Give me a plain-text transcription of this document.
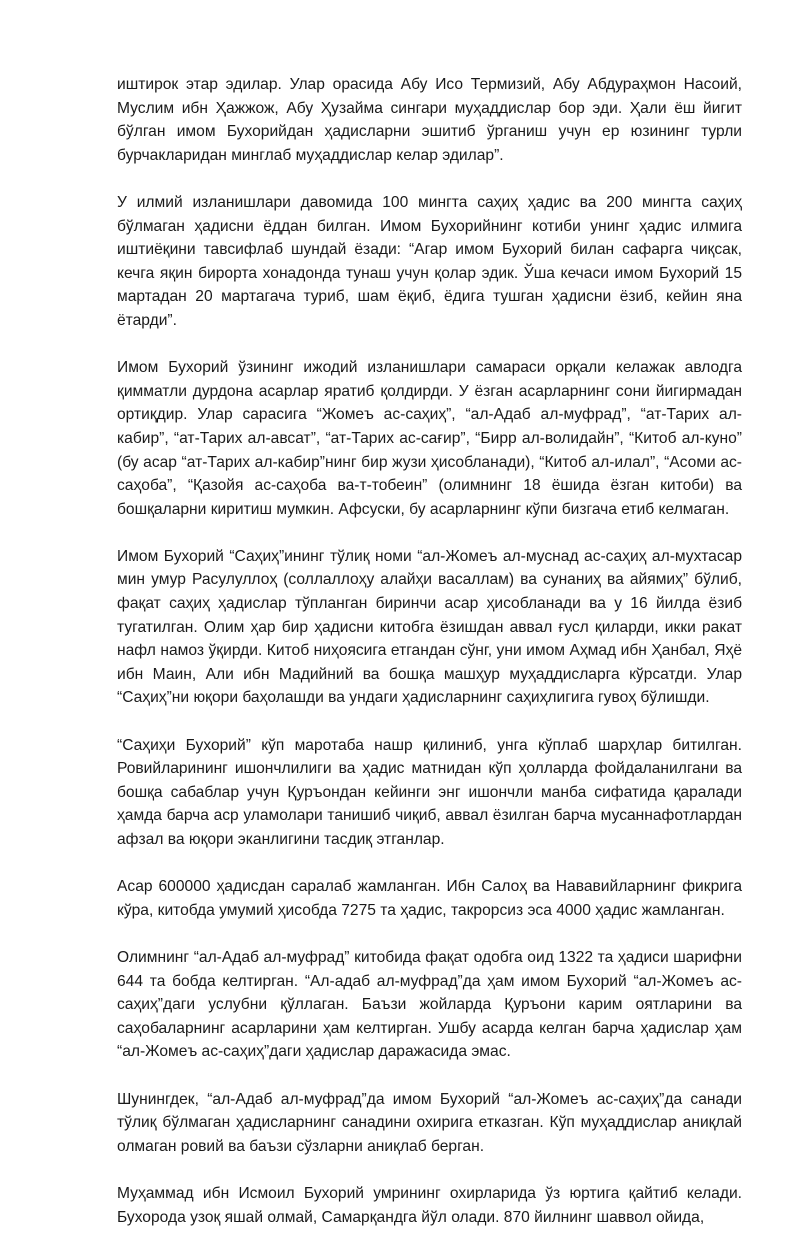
иштирок этар эдилар. Улар орасида Абу Исо Термизий, Абу Абдураҳмон Насоий, Муслим ибн Ҳажжож, Абу Ҳузайма сингари муҳаддислар бор эди. Ҳали ёш йигит бўлган имом Бухорийдан ҳадисларни эшитиб ўрганиш учун ер юзининг турли бурчакларидан минглаб муҳаддислар келар эдилар”.

У илмий изланишлари давомида 100 мингта саҳиҳ ҳадис ва 200 мингта саҳиҳ бўлмаган ҳадисни ёддан билган. Имом Бухорийнинг котиби унинг ҳадис илмига иштиёқини тавсифлаб шундай ёзади: “Агар имом Бухорий билан сафарга чиқсак, кечга яқин бирорта хонадонда тунаш учун қолар эдик. Ўша кечаси имом Бухорий 15 мартадан 20 мартагача туриб, шам ёқиб, ёдига тушган ҳадисни ёзиб, кейин яна ётарди”.

Имом Бухорий ўзининг ижодий изланишлари самараси орқали келажак авлодга қимматли дурдона асарлар яратиб қолдирди. У ёзган асарларнинг сони йигирмадан ортиқдир. Улар сарасига “Жомеъ ас-саҳиҳ”, “ал-Адаб ал-муфрад”, “ат-Тарих ал-кабир”, “ат-Тарих ал-авсат”, “ат-Тарих ас-сағир”, “Бирр ал-волидайн”, “Китоб ал-куно” (бу асар “ат-Тарих ал-кабир”нинг бир жузи ҳисобланади), “Китоб ал-илал”, “Асоми ас-саҳоба”, “Қазойя ас-саҳоба ва-т-тобеин” (олимнинг 18 ёшида ёзган китоби) ва бошқаларни киритиш мумкин. Афсуски, бу асарларнинг кўпи бизгача етиб келмаган.

Имом Бухорий “Саҳиҳ”ининг тўлиқ номи “ал-Жомеъ ал-муснад ас-саҳиҳ ал-мухтасар мин умур Расулуллоҳ (соллаллоҳу алайҳи васаллам) ва сунаниҳ ва айямиҳ” бўлиб, фақат саҳиҳ ҳадислар тўпланган биринчи асар ҳисобланади ва у 16 йилда ёзиб тугатилган. Олим ҳар бир ҳадисни китобга ёзишдан аввал ғусл қиларди, икки ракат нафл намоз ўқирди. Китоб ниҳоясига етгандан сўнг, уни имом Аҳмад ибн Ҳанбал, Яҳё ибн Маин, Али ибн Мадийний ва бошқа машҳур муҳаддисларга кўрсатди. Улар “Саҳиҳ”ни юқори баҳолашди ва ундаги ҳадисларнинг саҳиҳлигига гувоҳ бўлишди.

“Саҳиҳи Бухорий” кўп маротаба нашр қилиниб, унга кўплаб шарҳлар битилган. Ровийларининг ишончлилиги ва ҳадис матнидан кўп ҳолларда фойдаланилгани ва бошқа сабаблар учун Қуръондан кейинги энг ишончли манба сифатида қаралади ҳамда барча аср уламолари танишиб чиқиб, аввал ёзилган барча мусаннафотлардан афзал ва юқори эканлигини тасдиқ этганлар.

Асар 600000 ҳадисдан саралаб жамланган. Ибн Салоҳ ва Нававийларнинг фикрига кўра, китобда умумий ҳисобда 7275 та ҳадис, такрорсиз эса 4000 ҳадис жамланган.

Олимнинг “ал-Адаб ал-муфрад” китобида фақат одобга оид 1322 та ҳадиси шарифни 644 та бобда келтирган. “Ал-адаб ал-муфрад”да ҳам имом Бухорий “ал-Жомеъ ас-саҳиҳ”даги услубни қўллаган. Баъзи жойларда Қуръони карим оятларини ва саҳобаларнинг асарларини ҳам келтирган. Ушбу асарда келган барча ҳадислар ҳам “ал-Жомеъ ас-саҳиҳ”даги ҳадислар даражасида эмас.

Шунингдек, “ал-Адаб ал-муфрад”да имом Бухорий “ал-Жомеъ ас-саҳиҳ”да санади тўлиқ бўлмаган ҳадисларнинг санадини охирига етказган. Кўп муҳаддислар аниқлай олмаган ровий ва баъзи сўзларни аниқлаб берган.

Муҳаммад ибн Исмоил Бухорий умрининг охирларида ўз юртига қайтиб келади. Бухорода узоқ яшай олмай, Самарқандга йўл олади. 870 йилнинг шаввол ойида,
